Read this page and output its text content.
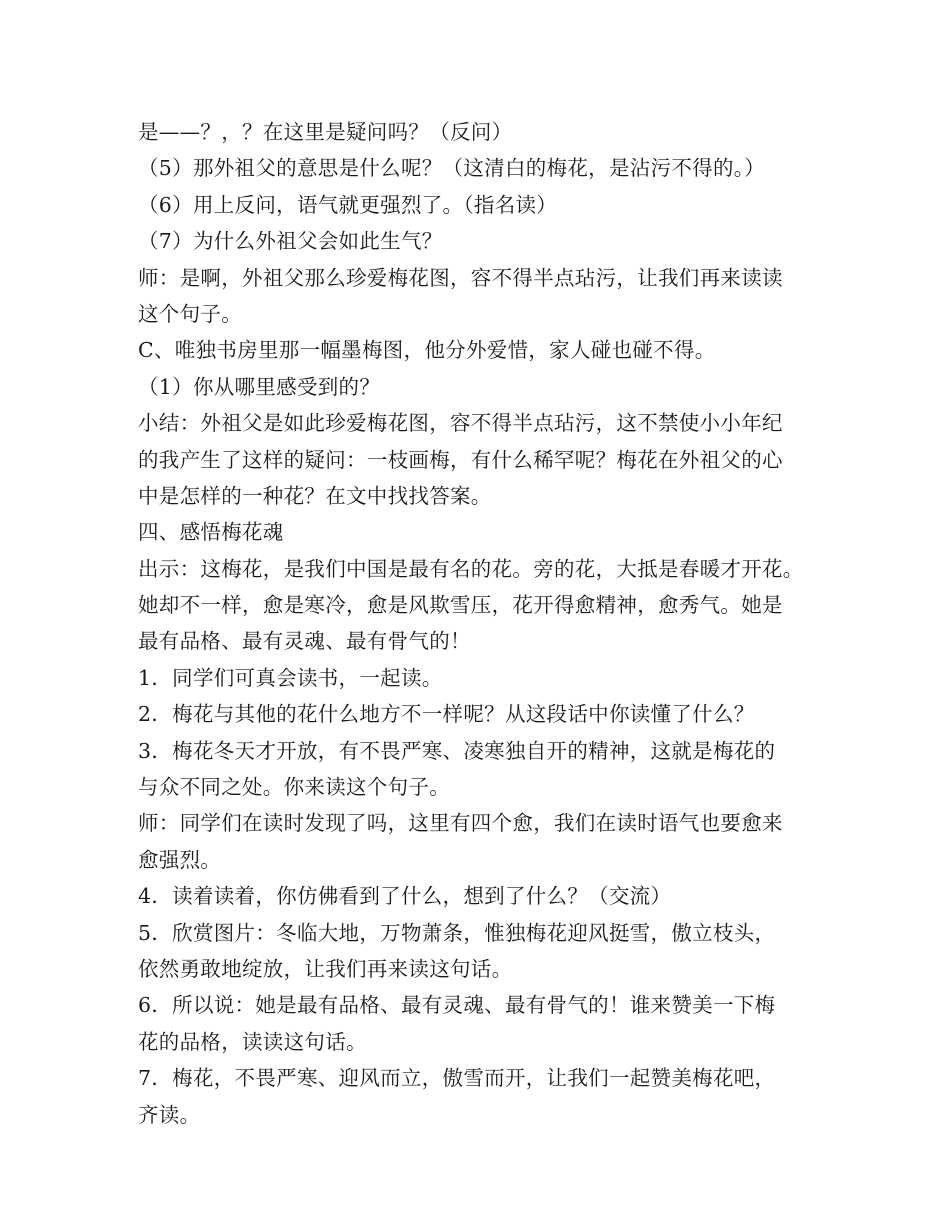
是——？，？在这里是疑问吗？（反问）
（5）那外祖父的意思是什么呢？（这清白的梅花，是沾污不得的。）
（6）用上反问，语气就更强烈了。（指名读）
（7）为什么外祖父会如此生气？
师：是啊，外祖父那么珍爱梅花图，容不得半点玷污，让我们再来读读
这个句子。
C、唯独书房里那一幅墨梅图，他分外爱惜，家人碰也碰不得。
（1）你从哪里感受到的？
小结：外祖父是如此珍爱梅花图，容不得半点玷污，这不禁使小小年纪
的我产生了这样的疑问：一枝画梅，有什么稀罕呢？梅花在外祖父的心
中是怎样的一种花？在文中找找答案。
四、感悟梅花魂
出示：这梅花，是我们中国是最有名的花。旁的花，大抵是春暖才开花。
她却不一样，愈是寒冷，愈是风欺雪压，花开得愈精神，愈秀气。她是
最有品格、最有灵魂、最有骨气的！
1．同学们可真会读书，一起读。
2．梅花与其他的花什么地方不一样呢？从这段话中你读懂了什么？
3．梅花冬天才开放，有不畏严寒、凌寒独自开的精神，这就是梅花的
与众不同之处。你来读这个句子。
师：同学们在读时发现了吗，这里有四个愈，我们在读时语气也要愈来
愈强烈。
4．读着读着，你仿佛看到了什么，想到了什么？（交流）
5．欣赏图片：冬临大地，万物萧条，惟独梅花迎风挺雪，傲立枝头，
依然勇敢地绽放，让我们再来读这句话。
6．所以说：她是最有品格、最有灵魂、最有骨气的！谁来赞美一下梅
花的品格，读读这句话。
7．梅花，不畏严寒、迎风而立，傲雪而开，让我们一起赞美梅花吧，
齐读。
